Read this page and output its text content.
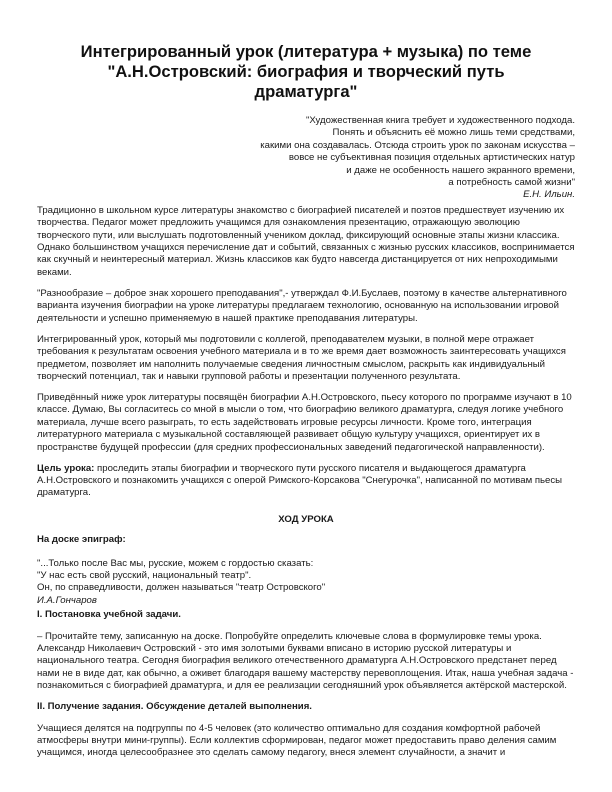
Интегрированный урок (литература + музыка) по теме
"А.Н.Островский: биография и творческий путь
драматурга"
"Художественная книга требует и художественного подхода.
Понять и объяснить её можно лишь теми средствами,
какими она создавалась. Отсюда строить урок по законам искусства –
вовсе не субъективная позиция отдельных артистических натур
и даже не особенность нашего экранного времени,
а потребность самой жизни"
Е.Н. Ильин.

Традиционно в школьном курсе литературы знакомство с биографией писателей и поэтов предшествует изучению их творчества. Педагог может предложить учащимся для ознакомления презентацию, отражающую эволюцию творческого пути, или выслушать подготовленный учеником доклад, фиксирующий основные этапы жизни классика. Однако большинством учащихся перечисление дат и событий, связанных с жизнью русских классиков, воспринимается как скучный и неинтересный материал. Жизнь классиков как будто навсегда дистанцируется от них непроходимыми веками.

"Разнообразие – доброе знак хорошего преподавания",- утверждал Ф.И.Буслаев, поэтому в качестве альтернативного варианта изучения биографии на уроке литературы предлагаем технологию, основанную на использовании игровой деятельности и успешно применяемую в нашей практике преподавания литературы.

Интегрированный урок, который мы подготовили с коллегой, преподавателем музыки, в полной мере отражает требования к результатам освоения учебного материала и в то же время дает возможность заинтересовать учащихся предметом, позволяет им наполнить получаемые сведения личностным смыслом, раскрыть как индивидуальный творческий потенциал, так и навыки групповой работы и презентации полученного результата.

Приведённый ниже урок литературы посвящён биографии А.Н.Островского, пьесу которого по программе изучают в 10 классе. Думаю, Вы согласитесь со мной в мысли о том, что биографию великого драматурга, следуя логике учебного материала, лучше всего разыграть, то есть задействовать игровые ресурсы личности. Кроме того, интеграция литературного материала с музыкальной составляющей развивает общую культуру учащихся, ориентирует их в пространстве будущей профессии (для средних профессиональных заведений педагогической направленности).

Цель урока: проследить этапы биографии и творческого пути русского писателя и выдающегося драматурга А.Н.Островского и познакомить учащихся с оперой Римского-Корсакова "Снегурочка", написанной по мотивам пьесы драматурга.

ХОД УРОКА
На доске эпиграф:
"...Только после Вас мы, русские, можем с гордостью сказать:
"У нас есть свой русский, национальный театр".
Он, по справедливости, должен называться "театр Островского"
И.А.Гончаров
I. Постановка учебной задачи.

– Прочитайте тему, записанную на доске. Попробуйте определить ключевые слова в формулировке темы урока. Александр Николаевич Островский - это имя золотыми буквами вписано в историю русской литературы и национального театра. Сегодня биография великого отечественного драматурга А.Н.Островского предстанет перед нами не в виде дат, как обычно, а оживет благодаря вашему мастерству перевоплощения. Итак, наша учебная задача - познакомиться с биографией драматурга, и для ее реализации сегодняшний урок объявляется актёрской мастерской.

II. Получение задания. Обсуждение деталей выполнения.

Учащиеся делятся на подгруппы по 4-5 человек (это количество оптимально для создания комфортной рабочей атмосферы внутри мини-группы). Если коллектив сформирован, педагог может предоставить право деления самим учащимся, иногда целесообразнее это сделать самому педагогу, внеся элемент случайности, а значит и
